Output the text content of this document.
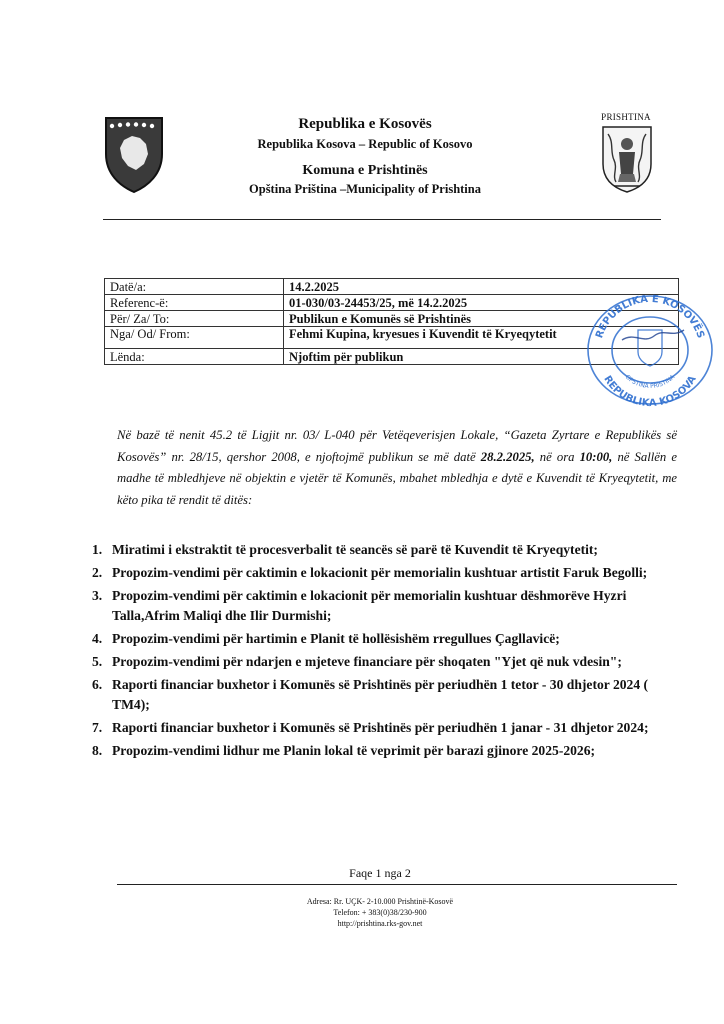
Republika e Kosovës
Republika Kosova – Republic of Kosovo
Komuna e Prishtinës
Opština Priština –Municipality of Prishtina
PRISHTINA
Datë/a:	14.2.2025
Referenc-ë:	01-030/03-24453/25, më 14.2.2025
Për/ Za/ To:	Publikun e Komunës së Prishtinës
Nga/ Od/ From:	Fehmi Kupina, kryesues i Kuvendit të Kryeqytetit
Lënda:	Njoftim për publikun
REPUBLIKA E KOSOVËS
REPUBLIKA KOSOVA
OPSTINA PRISTINA

Në bazë të nenit 45.2 të Ligjit nr. 03/ L-040 për Vetëqeverisjen Lokale, “Gazeta Zyrtare e Republikës së Kosovës” nr. 28/15, qershor 2008, e njoftojmë publikun se më datë 28.2.2025, në ora 10:00, në Sallën e madhe të mbledhjeve në objektin e vjetër të Komunës, mbahet mbledhja e dytë e Kuvendit të Kryeqytetit, me këto pika të rendit të ditës:

1. Miratimi i ekstraktit të procesverbalit të seancës së parë të Kuvendit të Kryeqytetit;
2. Propozim-vendimi për caktimin e lokacionit për memorialin kushtuar artistit Faruk Begolli;
3. Propozim-vendimi për caktimin e lokacionit për memorialin kushtuar dëshmorëve Hyzri Talla,Afrim Maliqi dhe Ilir Durmishi;
4. Propozim-vendimi për hartimin e Planit të hollësishëm rregullues Çagllavicë;
5. Propozim-vendimi për ndarjen e mjeteve financiare për shoqaten "Yjet që nuk vdesin";
6. Raporti financiar buxhetor i Komunës së Prishtinës për periudhën 1 tetor - 30 dhjetor 2024 ( TM4);
7. Raporti financiar buxhetor i Komunës së Prishtinës për periudhën 1 janar - 31 dhjetor 2024;
8. Propozim-vendimi lidhur me Planin lokal të veprimit për barazi gjinore 2025-2026;
Faqe 1 nga 2
Adresa: Rr. UÇK- 2-10.000 Prishtinë-Kosovë
Telefon: + 383(0)38/230-900
http://prishtina.rks-gov.net
